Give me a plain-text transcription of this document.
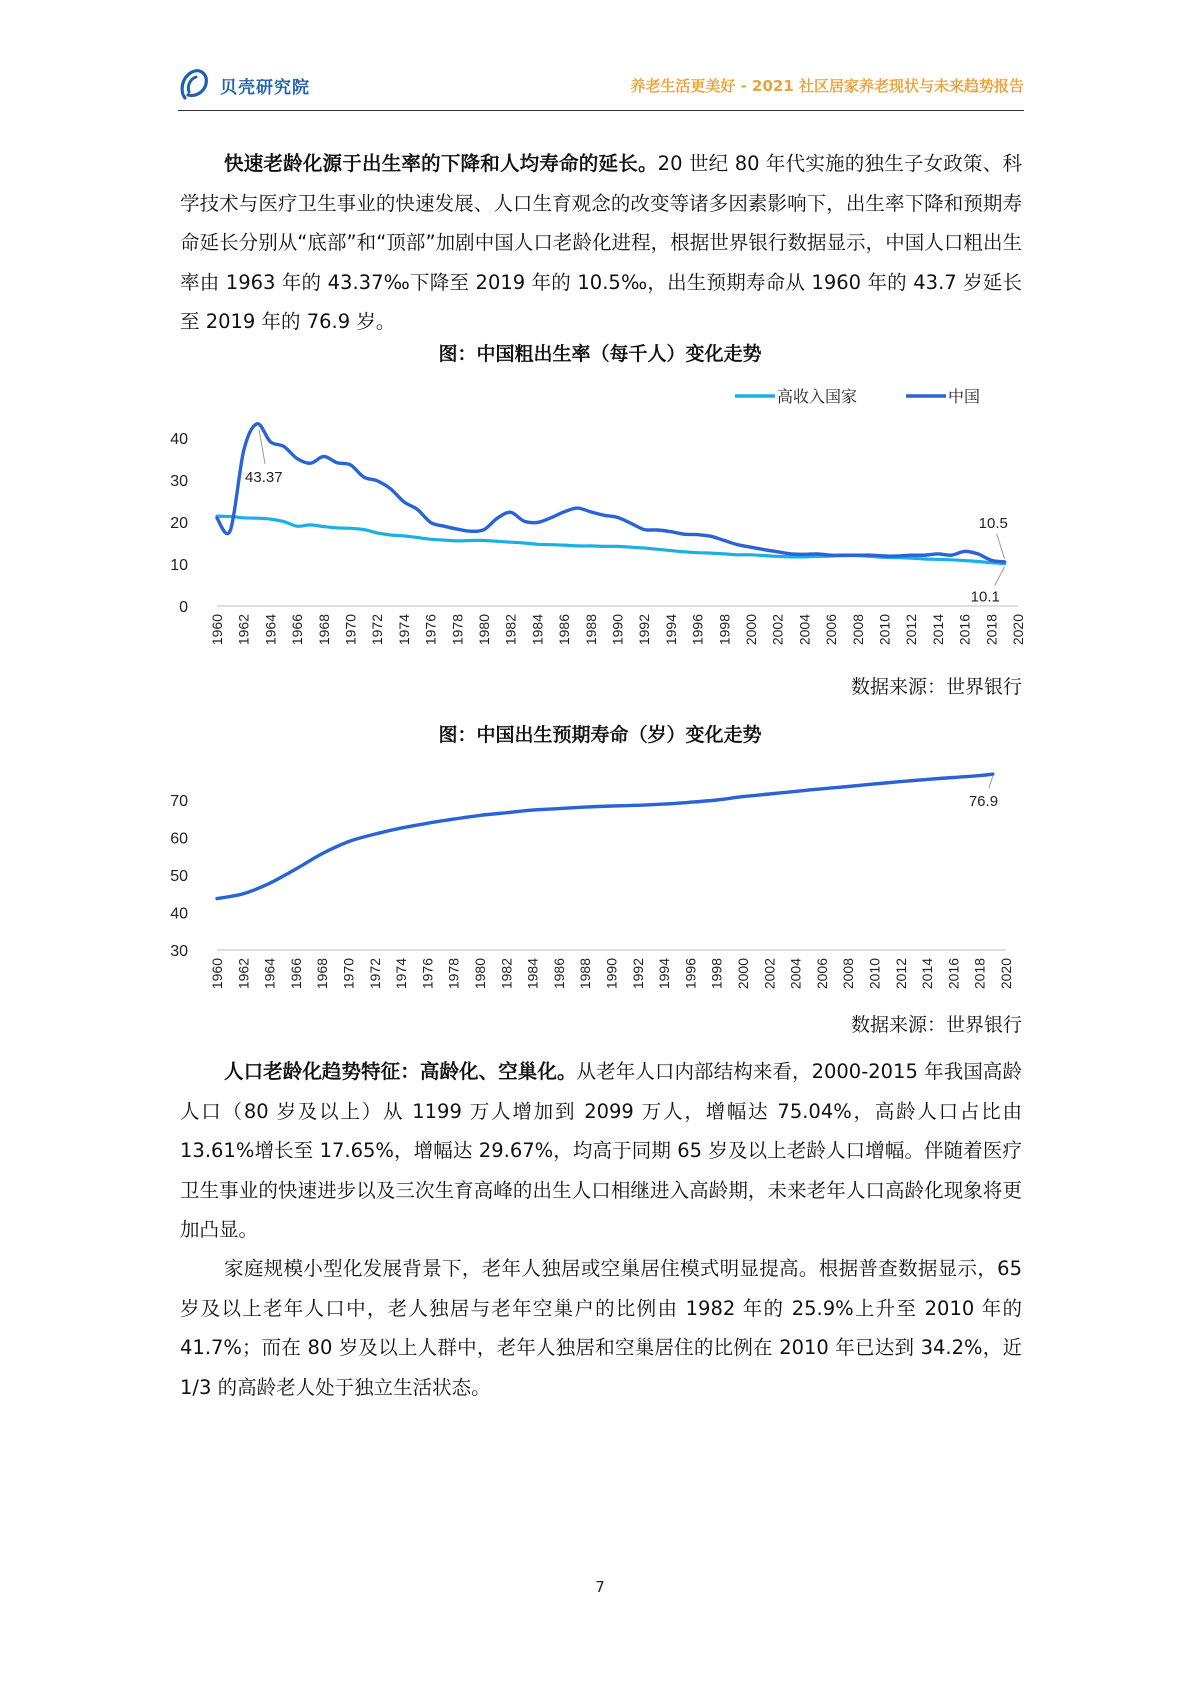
贝壳研究院	养老生活更美好 - 2021 社区居家养老现状与未来趋势报告
快速老龄化源于出生率的下降和人均寿命的延长。20 世纪 80 年代实施的独生子女政策、科学技术与医疗卫生事业的快速发展、人口生育观念的改变等诸多因素影响下，出生率下降和预期寿命延长分别从“底部”和“顶部”加剧中国人口老龄化进程，根据世界银行数据显示，中国人口粗出生率由 1963 年的 43.37‰下降至 2019 年的 10.5‰，出生预期寿命从 1960 年的 43.7 岁延长至 2019 年的 76.9 岁。
图：中国粗出生率（每千人）变化走势
0
10
20
30
40
1960 1962 1964 1966 1968 1970 1972 1974 1976 1978 1980 1982 1984 1986 1988 1990 1992 1994 1996 1998 2000 2002 2004 2006 2008 2010 2012 2014 2016 2018 2020
高收入国家	中国
43.37
10.5
10.1
数据来源：世界银行
图：中国出生预期寿命（岁）变化走势
30
40
50
60
70
1960 1962 1964 1966 1968 1970 1972 1974 1976 1978 1980 1982 1984 1986 1988 1990 1992 1994 1996 1998 2000 2002 2004 2006 2008 2010 2012 2014 2016 2018 2020
76.9
数据来源：世界银行
人口老龄化趋势特征：高龄化、空巢化。从老年人口内部结构来看，2000-2015 年我国高龄人口（80 岁及以上）从 1199 万人增加到 2099 万人，增幅达 75.04%，高龄人口占比由 13.61%增长至 17.65%，增幅达 29.67%，均高于同期 65 岁及以上老龄人口增幅。伴随着医疗卫生事业的快速进步以及三次生育高峰的出生人口相继进入高龄期，未来老年人口高龄化现象将更加凸显。
家庭规模小型化发展背景下，老年人独居或空巢居住模式明显提高。根据普查数据显示，65 岁及以上老年人口中，老人独居与老年空巢户的比例由 1982 年的 25.9%上升至 2010 年的 41.7%；而在 80 岁及以上人群中，老年人独居和空巢居住的比例在 2010 年已达到 34.2%，近 1/3 的高龄老人处于独立生活状态。
7
